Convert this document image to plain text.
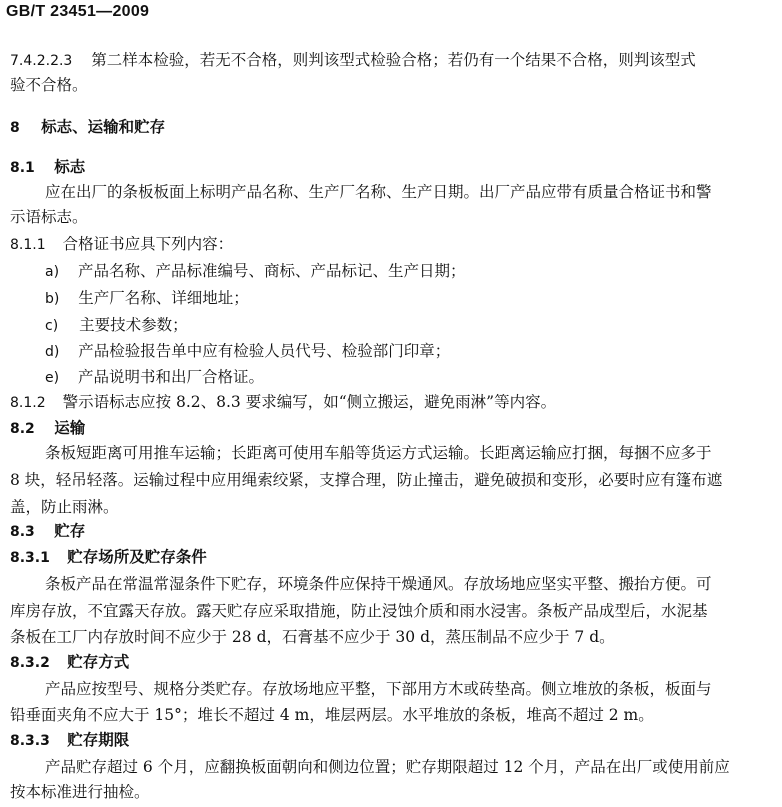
GB/T 23451—2009
7.4.2.2.3 第二样本检验，若无不合格，则判该型式检验合格；若仍有一个结果不合格，则判该型式
验不合格。
8 标志、运输和贮存
8.1 标志
应在出厂的条板板面上标明产品名称、生产厂名称、生产日期。出厂产品应带有质量合格证书和警
示语标志。
8.1.1 合格证书应具下列内容：
a) 产品名称、产品标准编号、商标、产品标记、生产日期；
b) 生产厂名称、详细地址；
c) 主要技术参数；
d) 产品检验报告单中应有检验人员代号、检验部门印章；
e) 产品说明书和出厂合格证。
8.1.2 警示语标志应按 8.2、8.3 要求编写，如“侧立搬运，避免雨淋”等内容。
8.2 运输
条板短距离可用推车运输；长距离可使用车船等货运方式运输。长距离运输应打捆，每捆不应多于
8 块，轻吊轻落。运输过程中应用绳索绞紧，支撑合理，防止撞击，避免破损和变形，必要时应有篷布遮
盖，防止雨淋。
8.3 贮存
8.3.1 贮存场所及贮存条件
条板产品在常温常湿条件下贮存，环境条件应保持干燥通风。存放场地应坚实平整、搬抬方便。可
库房存放，不宜露天存放。露天贮存应采取措施，防止浸蚀介质和雨水浸害。条板产品成型后，水泥基
条板在工厂内存放时间不应少于 28 d，石膏基不应少于 30 d，蒸压制品不应少于 7 d。
8.3.2 贮存方式
产品应按型号、规格分类贮存。存放场地应平整，下部用方木或砖垫高。侧立堆放的条板，板面与
铅垂面夹角不应大于 15°；堆长不超过 4 m，堆层两层。水平堆放的条板，堆高不超过 2 m。
8.3.3 贮存期限
产品贮存超过 6 个月，应翻换板面朝向和侧边位置；贮存期限超过 12 个月，产品在出厂或使用前应
按本标准进行抽检。
